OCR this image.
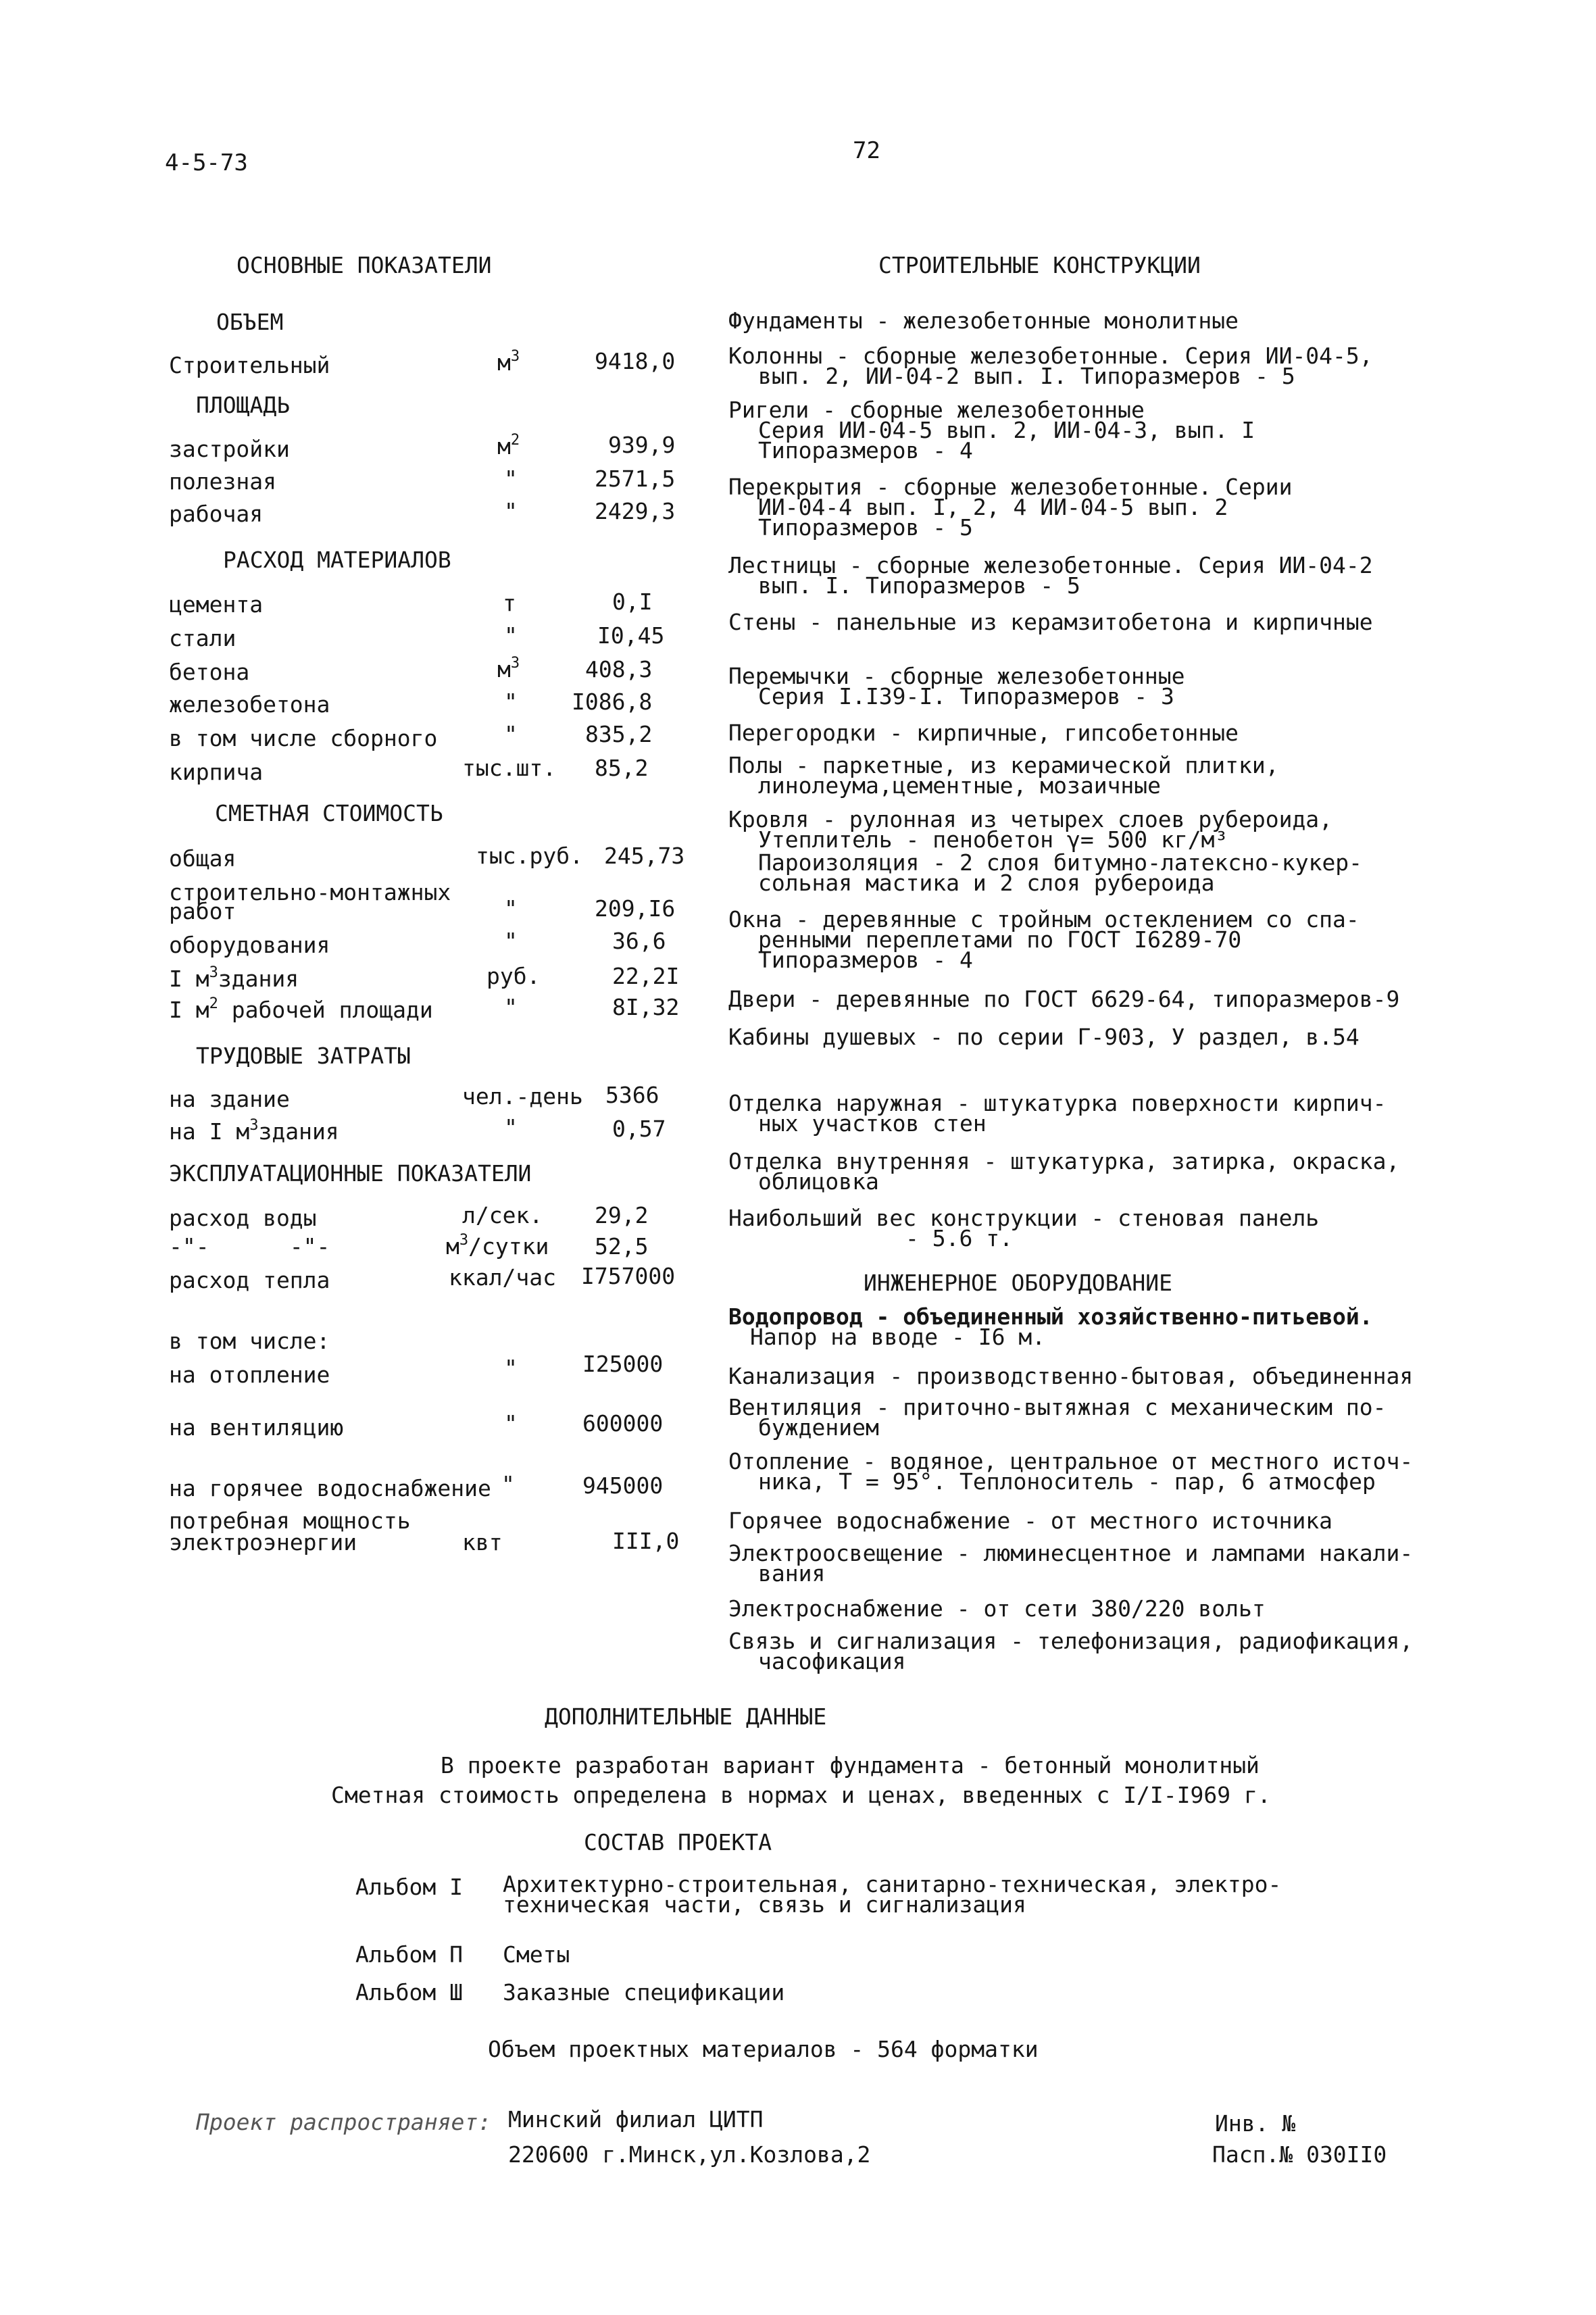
4-5-73	72
ОСНОВНЫЕ ПОКАЗАТЕЛИ
ОБЪЕМ
ПЛОЩАДЬ
РАСХОД МАТЕРИАЛОВ
СМЕТНАЯ СТОИМОСТЬ
ТРУДОВЫЕ ЗАТРАТЫ
ЭКСПЛУАТАЦИОННЫЕ ПОКАЗАТЕЛИ
Строительный	$м^3$	9418,0
застройки	$м^2$	939,9
полезная	"	2571,5
рабочая	"	2429,3
цемента	т	0,I
стали	"	I0,45
бетона	$м^3$	408,3
железобетона	" I086,8
в том числе сборного	"	835,2
кирпича	тыс.шт. 85,2
общая	тыс.руб. 245,73
строительно-монтажных
работ	"	209,I6
оборудования	"	36,6
I $м^3здания$	руб.	22,2I
I $м^2$ рабочей площади	"	8I,32
на здание	чел.-день 5366
на I $м^3здания$	"	0,57
расход воды	л/сек. 29,2
-"-      -"-	$м^3$/сутки 52,5
расход тепла	ккал/час I757000
в том числе:
на отопление	"	I25000
на вентиляцию	"	600000
на горячее водоснабжение "	945000
потребная мощность
электроэнергии	квт	III,0
СТРОИТЕЛЬНЫЕ КОНСТРУКЦИИ
Фундаменты - железобетонные монолитные
Колонны - сборные железобетонные. Серия ИИ-04-5,
вып. 2, ИИ-04-2 вып. I. Типоразмеров - 5
Ригели - сборные железобетонные
Серия ИИ-04-5 вып. 2, ИИ-04-3, вып. I
Типоразмеров - 4
Перекрытия - сборные железобетонные. Серии
ИИ-04-4 вып. I, 2, 4 ИИ-04-5 вып. 2
Типоразмеров - 5
Лестницы - сборные железобетонные. Серия ИИ-04-2
вып. I. Типоразмеров - 5
Стены - панельные из керамзитобетона и кирпичные
Перемычки - сборные железобетонные
Серия I.I39-I. Типоразмеров - 3
Перегородки - кирпичные, гипсобетонные
Полы - паркетные, из керамической плитки,
линолеума,цементные, мозаичные
Кровля - рулонная из четырех слоев рубероида,
Утеплитель - пенобетон γ= 500 кг/м³
Пароизоляция - 2 слоя битумно-латексно-кукер-
сольная мастика и 2 слоя рубероида
Окна - деревянные с тройным остеклением со спа-
ренными переплетами по ГОСТ I6289-70
Типоразмеров - 4
Двери - деревянные по ГОСТ 6629-64, типоразмеров-9
Кабины душевых - по серии Г-903, У раздел, в.54
Отделка наружная - штукатурка поверхности кирпич-
ных участков стен
Отделка внутренняя - штукатурка, затирка, окраска,
облицовка
Наибольший вес конструкции - стеновая панель
- 5.6 т.
ИНЖЕНЕРНОЕ ОБОРУДОВАНИЕ
Водопровод - объединенный хозяйственно-питьевой.
Напор на вводе - I6 м.
Канализация - производственно-бытовая, объединенная
Вентиляция - приточно-вытяжная с механическим по-
буждением
Отопление - водяное, центральное от местного источ-
ника, Т = 95°. Теплоноситель - пар, 6 атмосфер
Горячее водоснабжение - от местного источника
Электроосвещение - люминесцентное и лампами накали-
вания
Электроснабжение - от сети 380/220 вольт
Связь и сигнализация - телефонизация, радиофикация,
часофикация
ДОПОЛНИТЕЛЬНЫЕ ДАННЫЕ
В проекте разработан вариант фундамента - бетонный монолитный
Сметная стоимость определена в нормах и ценах, введенных с I/I-I969 г.
СОСТАВ ПРОЕКТА
Альбом I Архитектурно-строительная, санитарно-техническая, электро-
техническая части, связь и сигнализация
Альбом П Сметы
Альбом Ш Заказные спецификации
Объем проектных материалов - 564 форматки
Проект распространяет: Минский филиал ЦИТП
220600 г.Минск,ул.Козлова,2
Инв. №
Пасп.№ 030II0
